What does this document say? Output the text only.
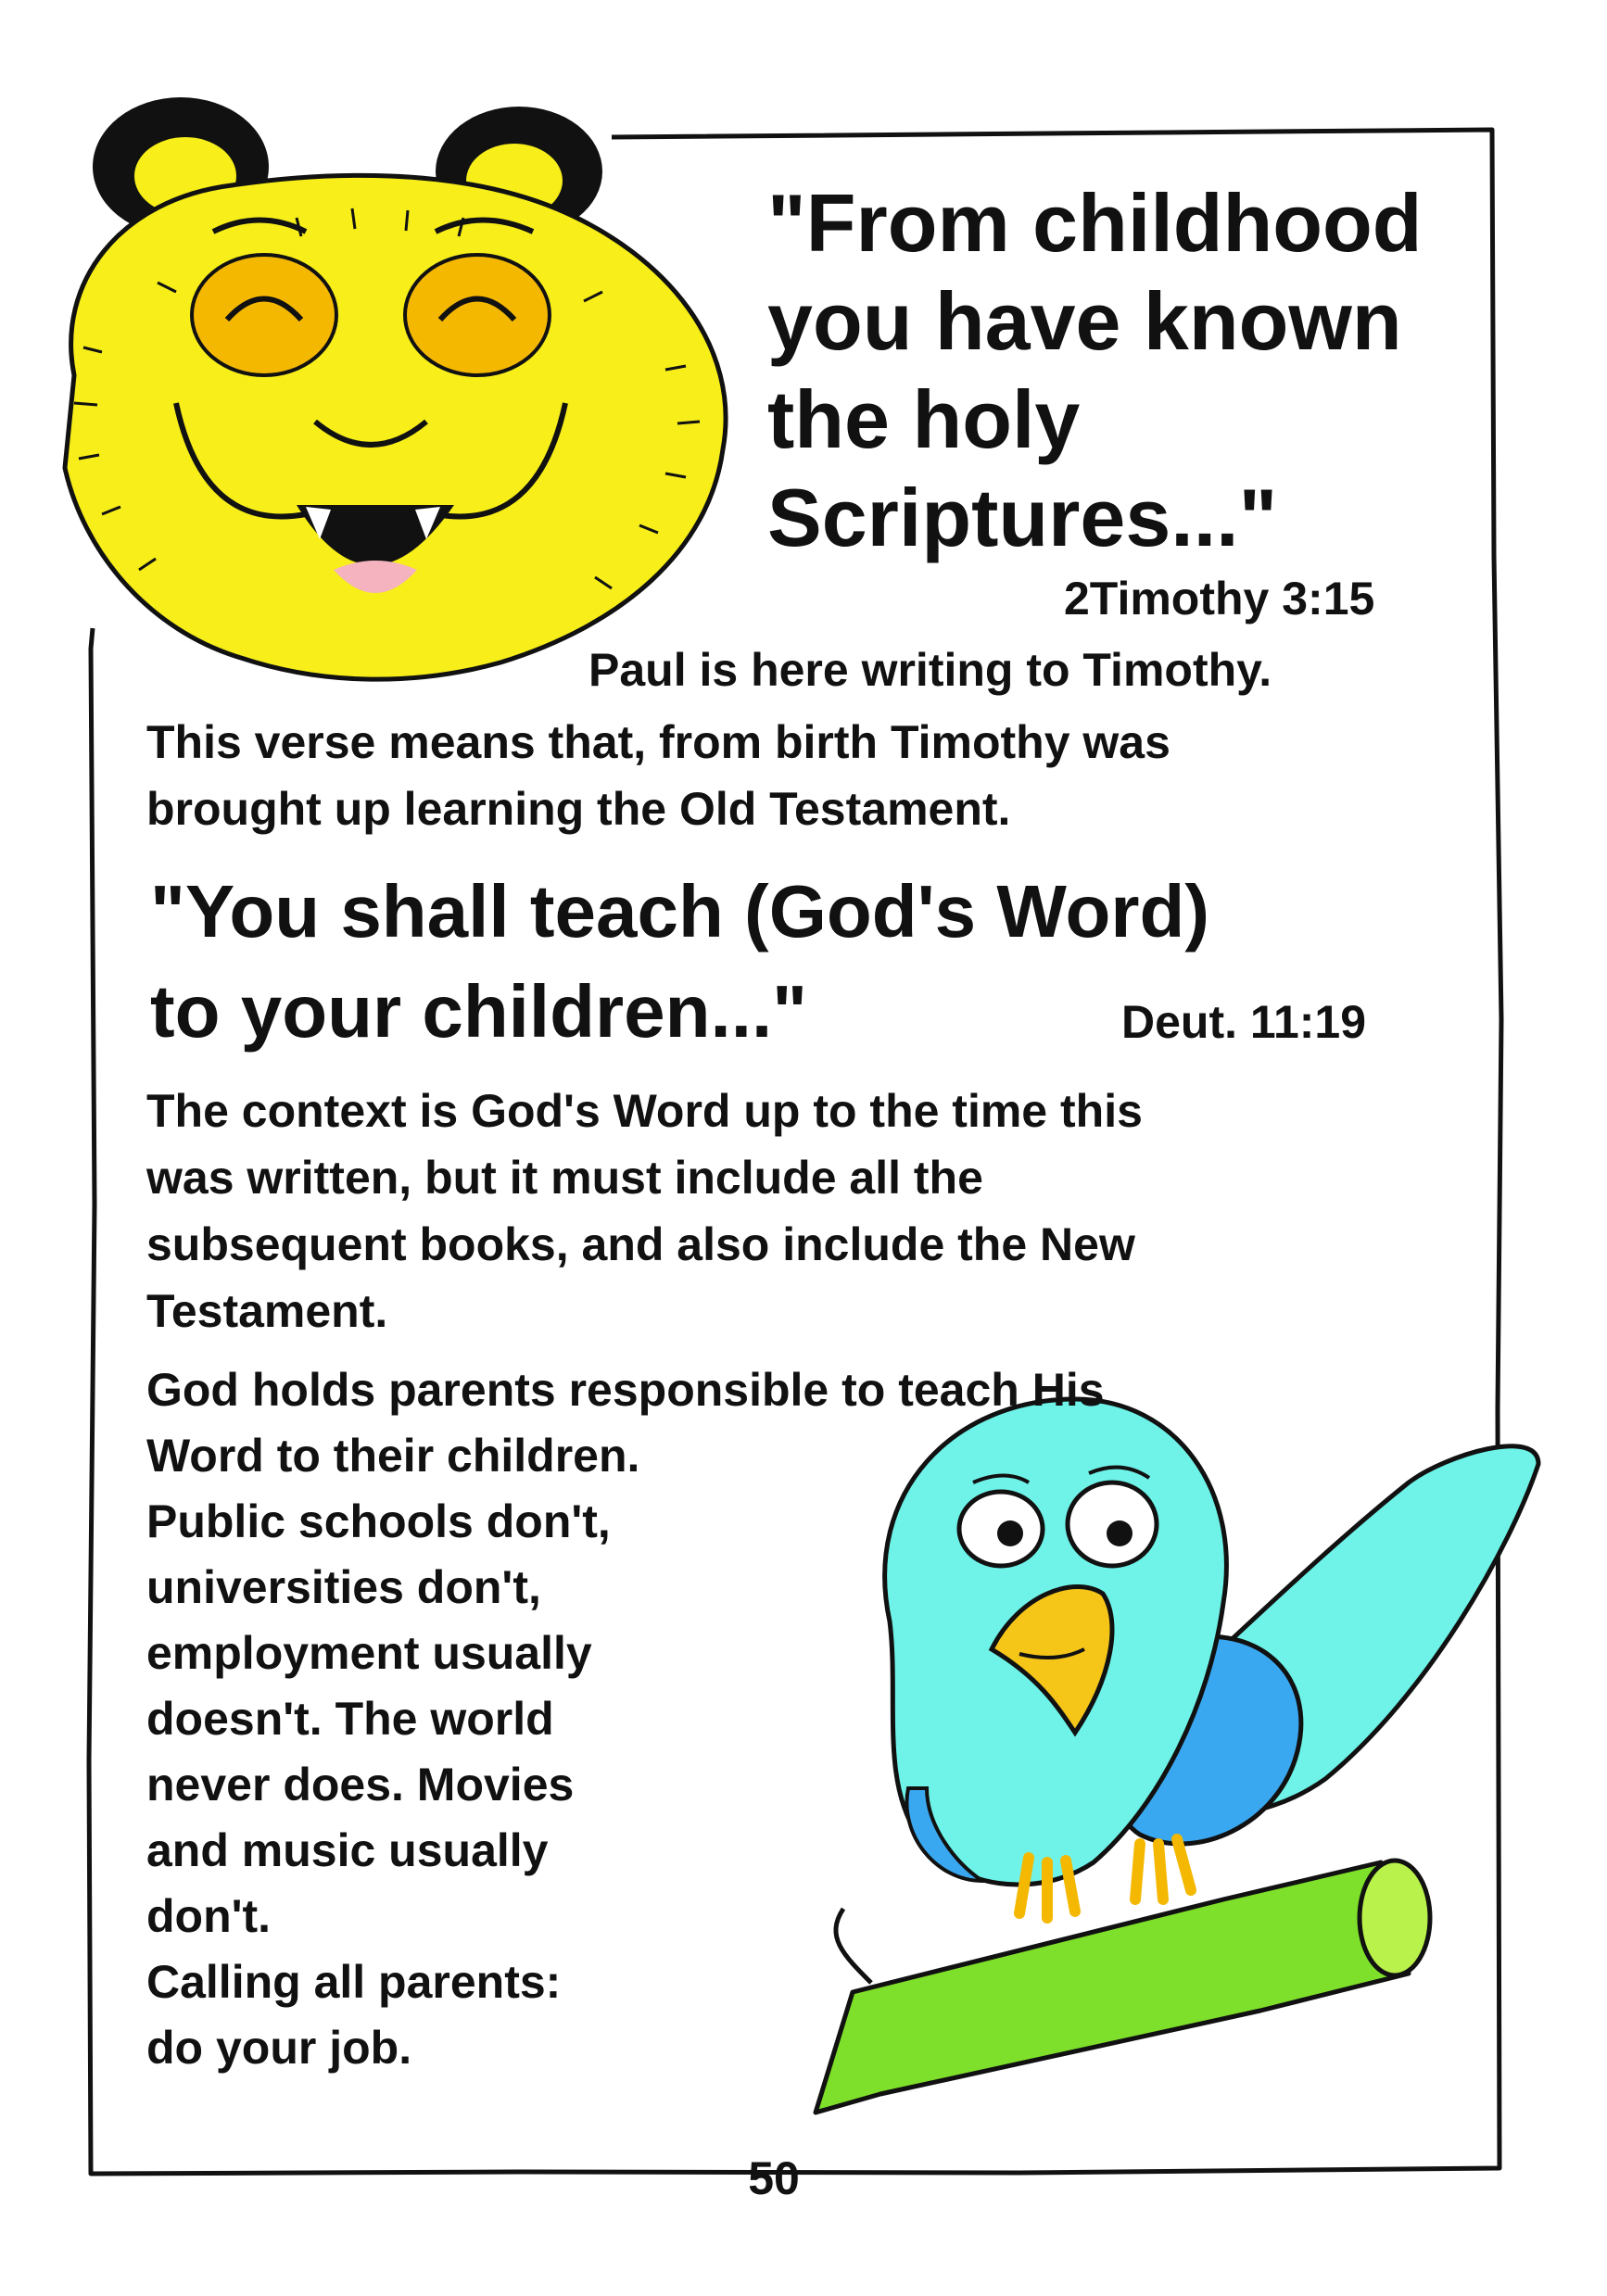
"From childhood
you have known
the holy
Scriptures..."
2Timothy 3:15
Paul is here writing to Timothy.
This verse means that, from birth Timothy was
brought up learning the Old Testament.
"You shall teach (God's Word)
to your children..."	Deut. 11:19
The context is God's Word up to the time this
was written, but it must include all the
subsequent books, and also include the New
Testament.
God holds parents responsible to teach His
Word to their children.
Public schools don't,
universities don't,
employment usually
doesn't. The world
never does. Movies
and music usually
don't.
Calling all parents:
do your job.
50
